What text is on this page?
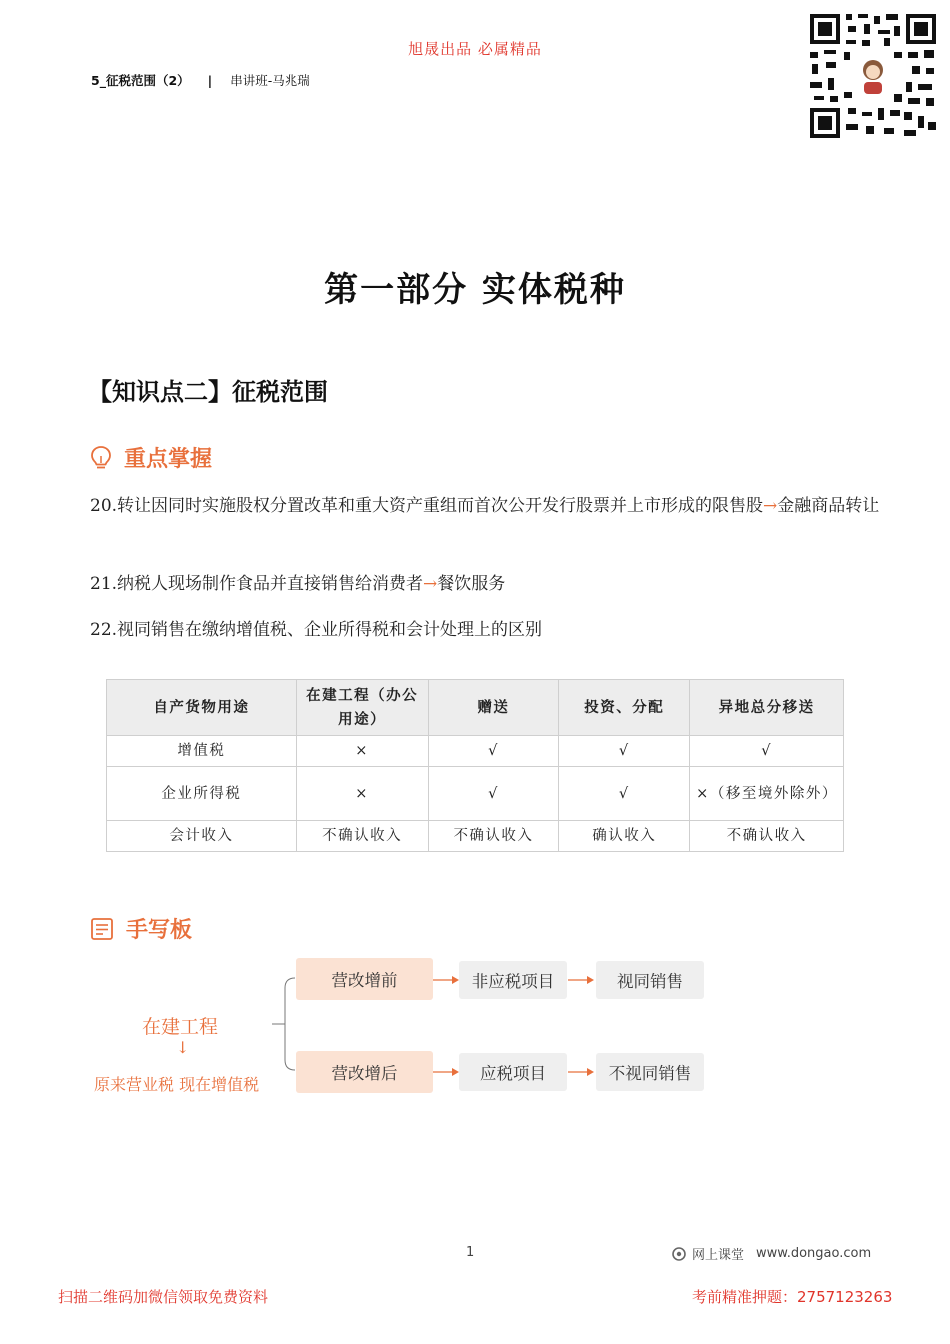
旭晟出品 必属精品
5_征税范围（2） | 串讲班-马兆瑞
第一部分 实体税种
【知识点二】征税范围
重点掌握
20.转让因同时实施股权分置改革和重大资产重组而首次公开发行股票并上市形成的限售股→金融商品转让
21.纳税人现场制作食品并直接销售给消费者→餐饮服务
22.视同销售在缴纳增值税、企业所得税和会计处理上的区别
自产货物用途	在建工程（办公用途）	赠送	投资、分配	异地总分移送
增值税	×	√	√	√
企业所得税	×	√	√	×（移至境外除外）
会计收入	不确认收入	不确认收入	确认收入	不确认收入
手写板
在建工程
↓
原来营业税 现在增值税
营改增前	非应税项目	视同销售
营改增后	应税项目	不视同销售
1	网上课堂 www.dongao.com
扫描二维码加微信领取免费资料	考前精准押题：2757123263
